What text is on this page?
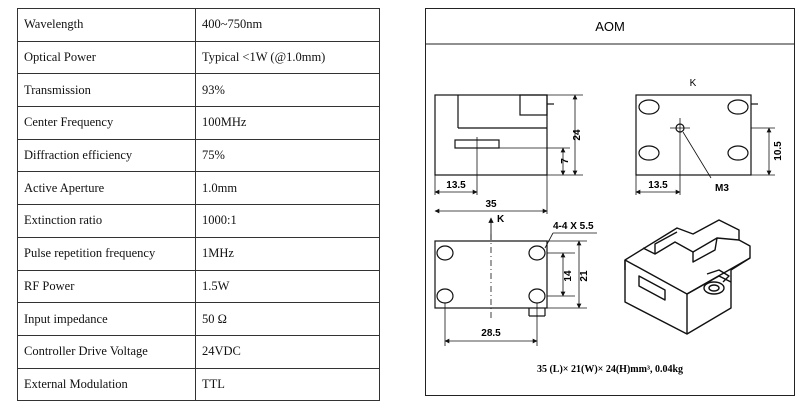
Wavelength	400~750nm
Optical Power	Typical <1W (@1.0mm)
Transmission	93%
Center Frequency	100MHz
Diffraction efficiency	75%
Active Aperture	1.0mm
Extinction ratio	1000:1
Pulse repetition frequency	1MHz
RF Power	1.5W
Input impedance	50 Ω
Controller Drive Voltage	24VDC
External Modulation	TTL
AOM
24
7
13.5
35
K
13.5
10.5
M3
K
4-4 X 5.5
14 21
28.5
35 (L)× 21(W)× 24(H)mm³, 0.04kg
